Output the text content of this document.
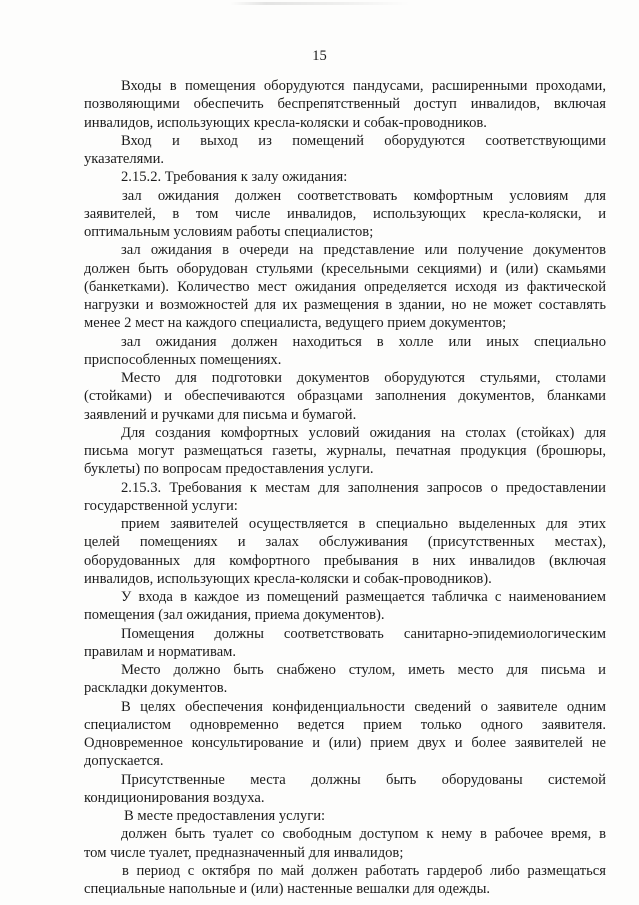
15
Входы в помещения оборудуются пандусами, расширенными проходами,
позволяющими обеспечить беспрепятственный доступ инвалидов, включая
инвалидов, использующих кресла-коляски и собак-проводников.
Вход и выход из помещений оборудуются соответствующими
указателями.
2.15.2. Требования к залу ожидания:
зал ожидания должен соответствовать комфортным условиям для
заявителей, в том числе инвалидов, использующих кресла-коляски, и
оптимальным условиям работы специалистов;
зал ожидания в очереди на представление или получение документов
должен быть оборудован стульями (кресельными секциями) и (или) скамьями
(банкетками). Количество мест ожидания определяется исходя из фактической
нагрузки и возможностей для их размещения в здании, но не может составлять
менее 2 мест на каждого специалиста, ведущего прием документов;
зал ожидания должен находиться в холле или иных специально
приспособленных помещениях.
Место для подготовки документов оборудуются стульями, столами
(стойками) и обеспечиваются образцами заполнения документов, бланками
заявлений и ручками для письма и бумагой.
Для создания комфортных условий ожидания на столах (стойках) для
письма могут размещаться газеты, журналы, печатная продукция (брошюры,
буклеты) по вопросам предоставления услуги.
2.15.3. Требования к местам для заполнения запросов о предоставлении
государственной услуги:
прием заявителей осуществляется в специально выделенных для этих
целей помещениях и залах обслуживания (присутственных местах),
оборудованных для комфортного пребывания в них инвалидов (включая
инвалидов, использующих кресла-коляски и собак-проводников).
У входа в каждое из помещений размещается табличка с наименованием
помещения (зал ожидания, приема документов).
Помещения должны соответствовать санитарно-эпидемиологическим
правилам и нормативам.
Место должно быть снабжено стулом, иметь место для письма и
раскладки документов.
В целях обеспечения конфиденциальности сведений о заявителе одним
специалистом одновременно ведется прием только одного заявителя.
Одновременное консультирование и (или) прием двух и более заявителей не
допускается.
Присутственные места должны быть оборудованы системой
кондиционирования воздуха.
В месте предоставления услуги:
должен быть туалет со свободным доступом к нему в рабочее время, в
том числе туалет, предназначенный для инвалидов;
в период с октября по май должен работать гардероб либо размещаться
специальные напольные и (или) настенные вешалки для одежды.
